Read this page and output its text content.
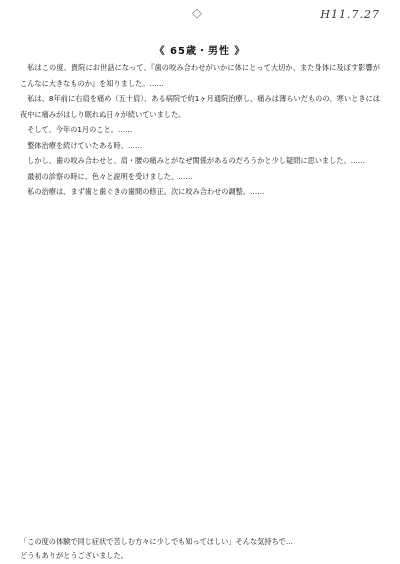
◇	H11.7.27
《 65歳・男性 》

私はこの度、貴院にお世話になって、『歯の咬み合わせがいかに体にとって大切か、また身体に及ぼす影響がこんなに大きなものか』を知りました。……

私は、8年前に右肩を痛め（五十肩）、ある病院で約1ヶ月通院治療し、痛みは薄らいだものの、寒いときには夜中に痛みがはしり眠れぬ日々が続いていました。

そして、今年の1月のこと。……

整体治療を続けていたある時、……

しかし、歯の咬み合わせと、肩・腰の痛みとがなぜ関係があるのだろうかと少し疑問に思いました。……

最初の診察の時に、色々と説明を受けました。……

私の治療は、まず歯と歯ぐきの歯間の修正。次に咬み合わせの調整。……

「この度の体験で同じ症状で苦しむ方々に少しでも知ってほしい」そんな気持ちで…
どうもありがとうございました。
